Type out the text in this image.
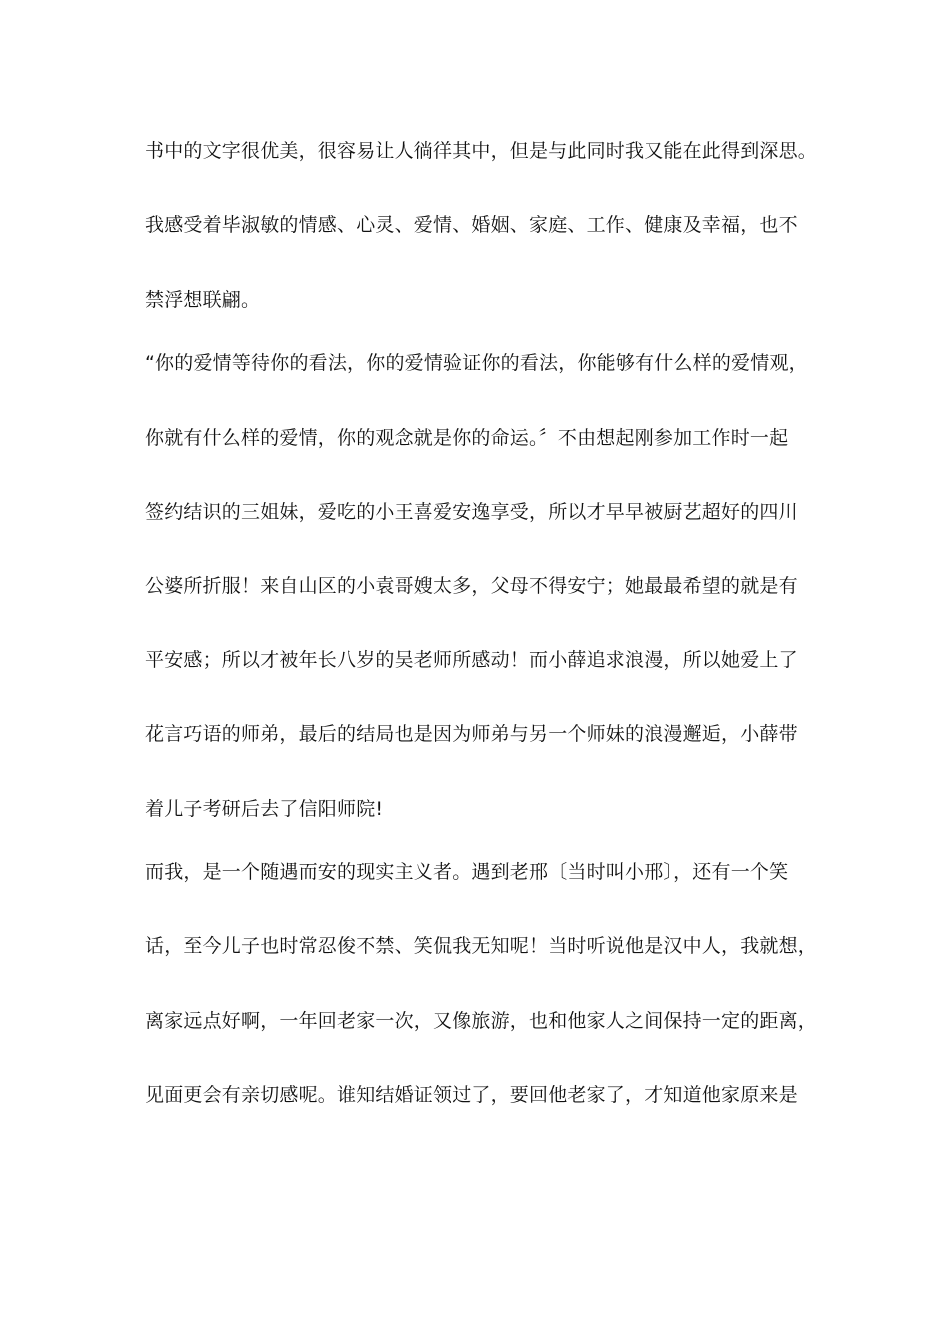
书中的文字很优美，很容易让人徜徉其中，但是与此同时我又能在此得到深思。
我感受着毕淑敏的情感、心灵、爱情、婚姻、家庭、工作、健康及幸福，也不
禁浮想联翩。
“你的爱情等待你的看法，你的爱情验证你的看法，你能够有什么样的爱情观，
你就有什么样的爱情，你的观念就是你的命运。〞不由想起刚参加工作时一起
签约结识的三姐妹，爱吃的小王喜爱安逸享受，所以才早早被厨艺超好的四川
公婆所折服！来自山区的小袁哥嫂太多，父母不得安宁；她最最希望的就是有
平安感；所以才被年长八岁的吴老师所感动！而小薛追求浪漫，所以她爱上了
花言巧语的师弟，最后的结局也是因为师弟与另一个师妹的浪漫邂逅，小薛带
着儿子考研后去了信阳师院!
而我，是一个随遇而安的现实主义者。遇到老邢〔当时叫小邢〕，还有一个笑
话，至今儿子也时常忍俊不禁、笑侃我无知呢！当时听说他是汉中人，我就想，
离家远点好啊，一年回老家一次，又像旅游，也和他家人之间保持一定的距离，
见面更会有亲切感呢。谁知结婚证领过了，要回他老家了，才知道他家原来是
